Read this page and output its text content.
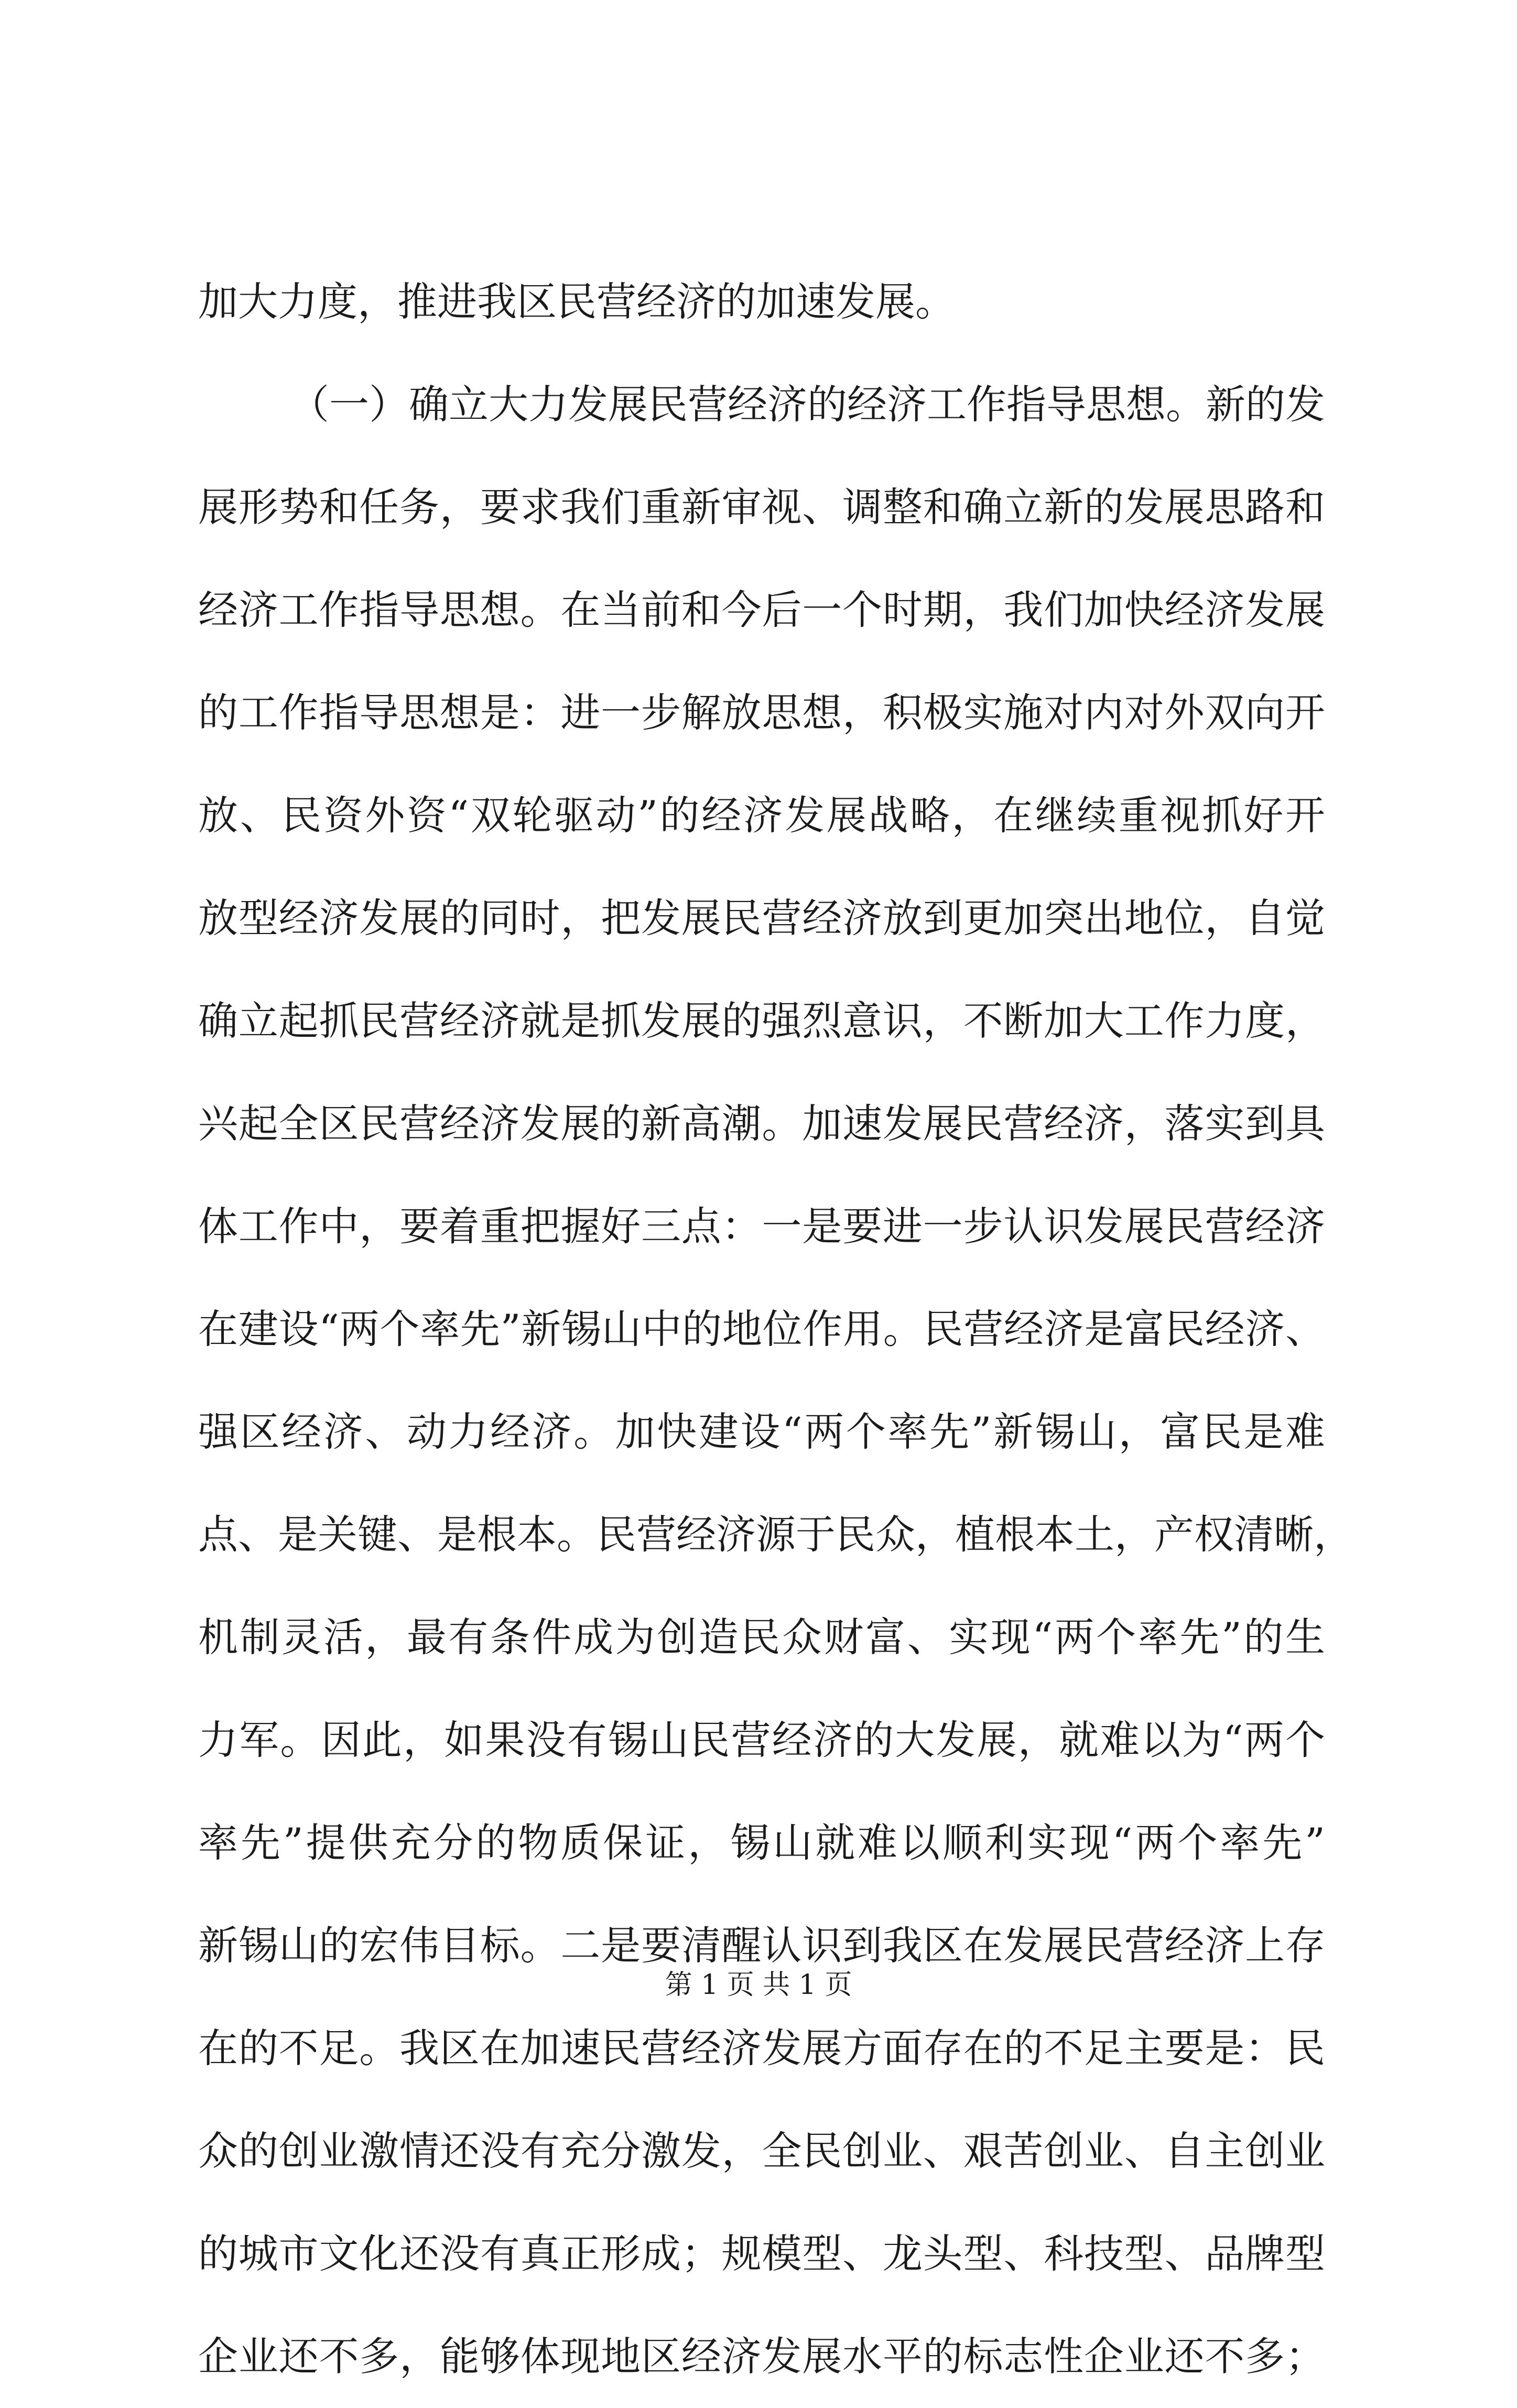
加大力度，推进我区民营经济的加速发展。
（一）确立大力发展民营经济的经济工作指导思想。新的发
展形势和任务，要求我们重新审视、调整和确立新的发展思路和
经济工作指导思想。在当前和今后一个时期，我们加快经济发展
的工作指导思想是：进一步解放思想，积极实施对内对外双向开
放、民资外资“双轮驱动”的经济发展战略，在继续重视抓好开
放型经济发展的同时，把发展民营经济放到更加突出地位，自觉
确立起抓民营经济就是抓发展的强烈意识，不断加大工作力度，
兴起全区民营经济发展的新高潮。加速发展民营经济，落实到具
体工作中，要着重把握好三点：一是要进一步认识发展民营经济
在建设“两个率先”新锡山中的地位作用。民营经济是富民经济、
强区经济、动力经济。加快建设“两个率先”新锡山，富民是难
点、是关键、是根本。民营经济源于民众，植根本土，产权清晰，
机制灵活，最有条件成为创造民众财富、实现“两个率先”的生
力军。因此，如果没有锡山民营经济的大发展，就难以为“两个
率先”提供充分的物质保证，锡山就难以顺利实现“两个率先”
新锡山的宏伟目标。二是要清醒认识到我区在发展民营经济上存
在的不足。我区在加速民营经济发展方面存在的不足主要是：民
众的创业激情还没有充分激发，全民创业、艰苦创业、自主创业
的城市文化还没有真正形成；规模型、龙头型、科技型、品牌型
企业还不多，能够体现地区经济发展水平的标志性企业还不多；
第 1 页 共 1 页
